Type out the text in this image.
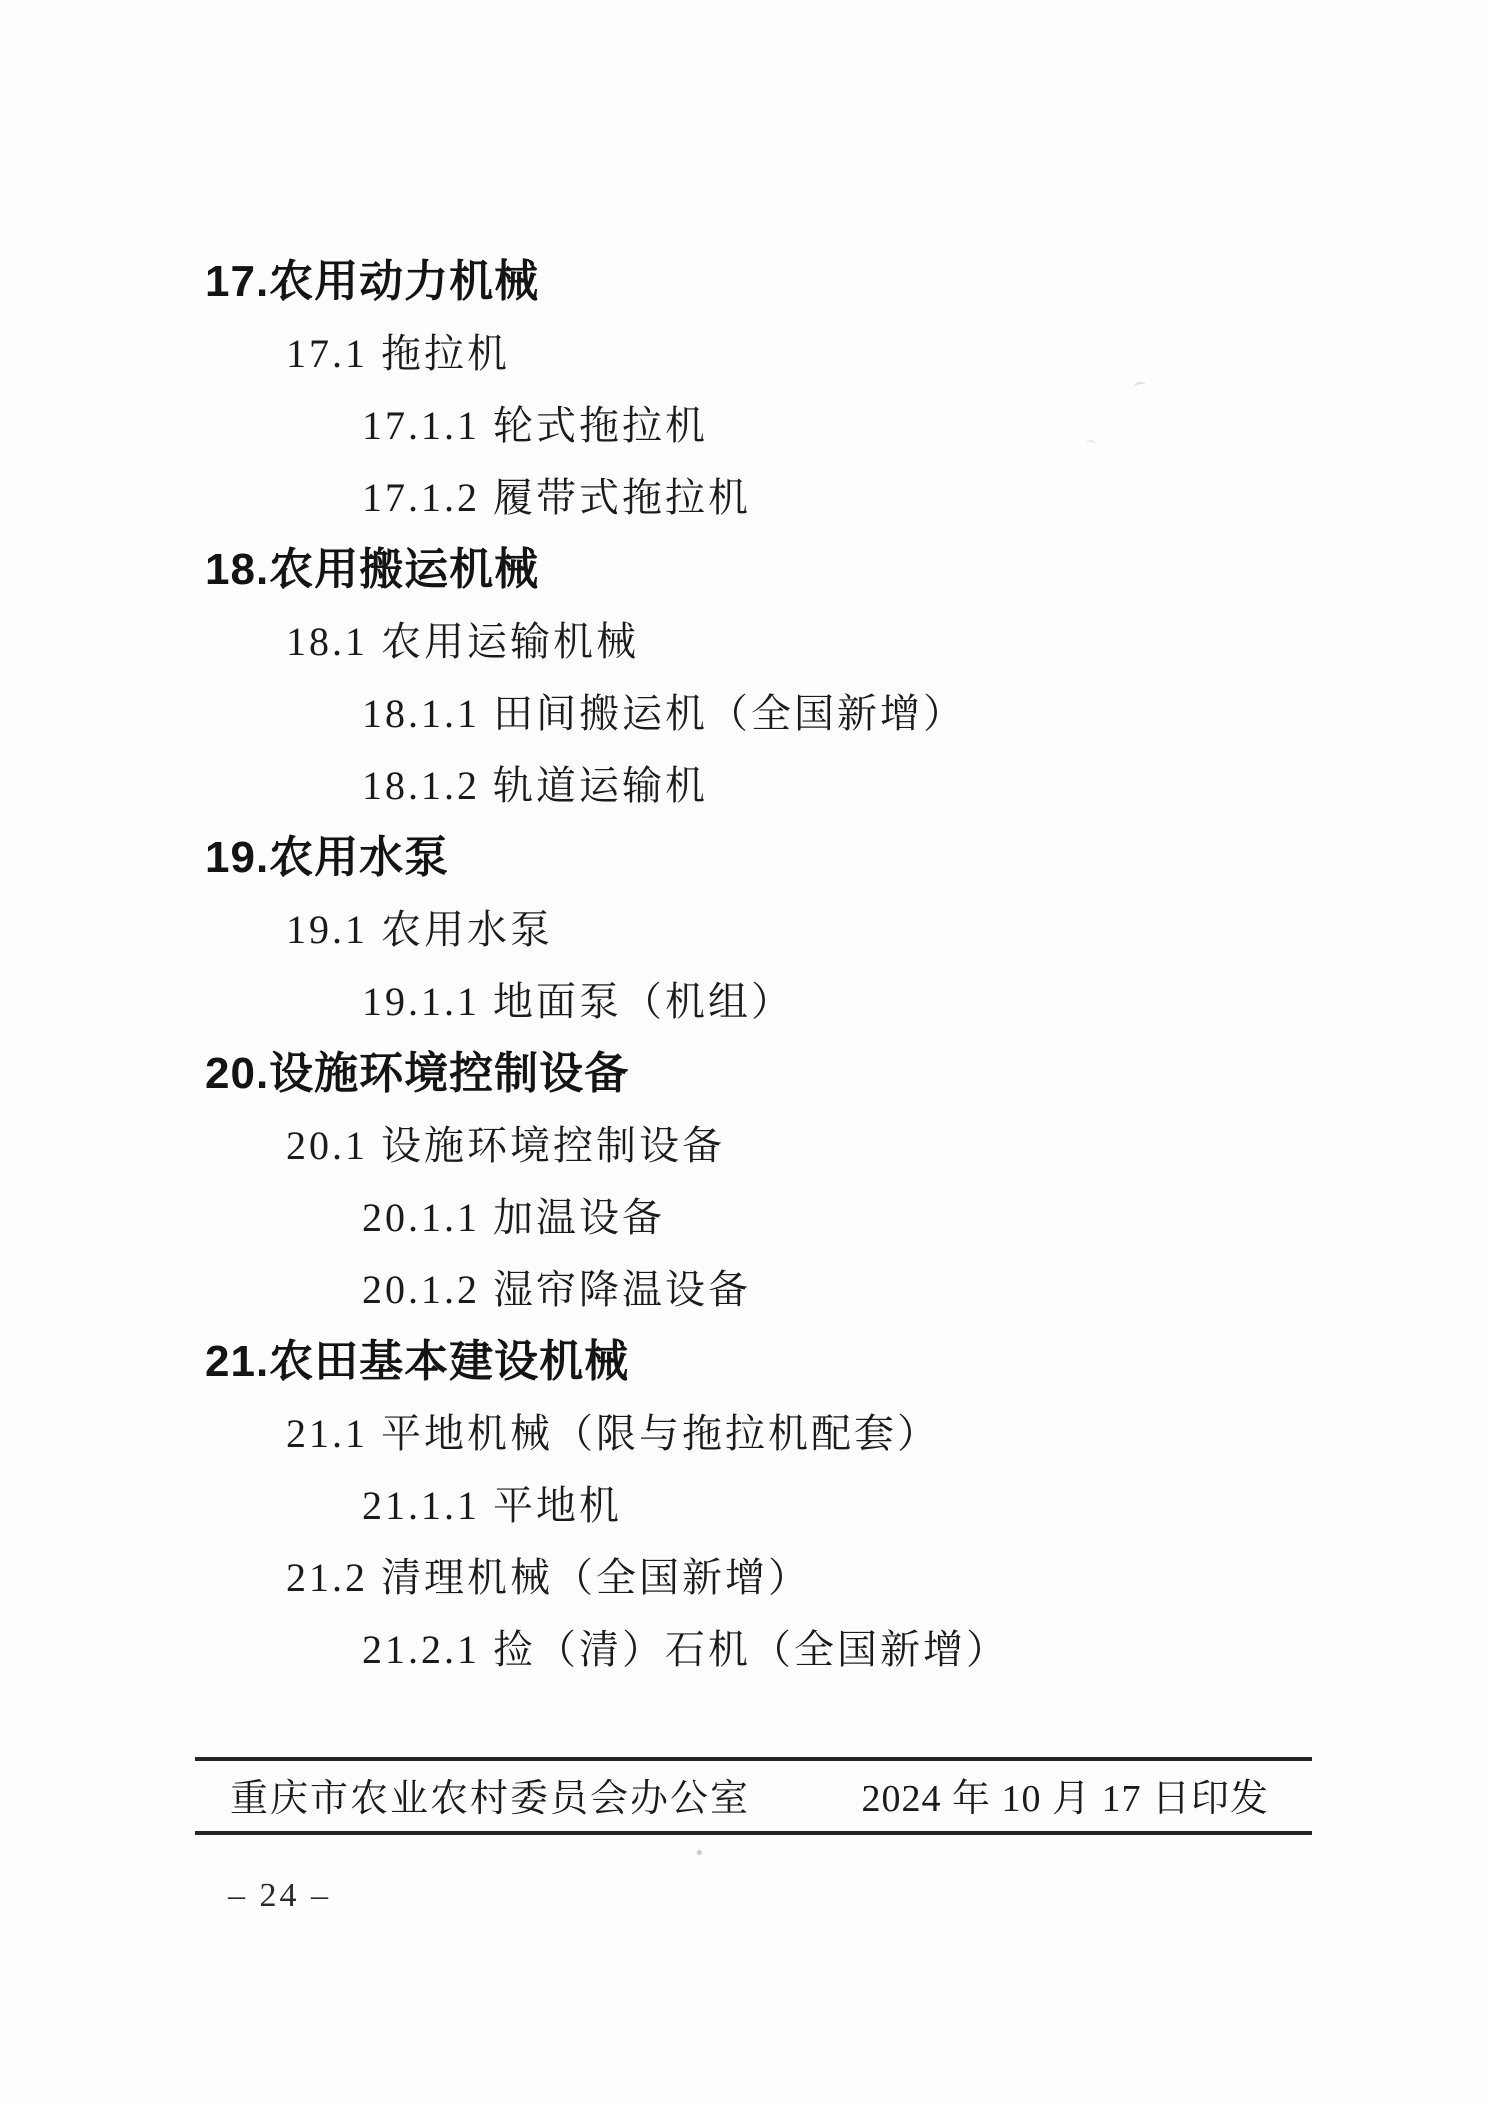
17.农用动力机械
17.1 拖拉机
17.1.1 轮式拖拉机
17.1.2 履带式拖拉机
18.农用搬运机械
18.1 农用运输机械
18.1.1 田间搬运机（全国新增）
18.1.2 轨道运输机
19.农用水泵
19.1 农用水泵
19.1.1 地面泵（机组）
20.设施环境控制设备
20.1 设施环境控制设备
20.1.1 加温设备
20.1.2 湿帘降温设备
21.农田基本建设机械
21.1 平地机械（限与拖拉机配套）
21.1.1 平地机
21.2 清理机械（全国新增）
21.2.1 捡（清）石机（全国新增）
重庆市农业农村委员会办公室	2024 年 10 月 17 日印发
– 24 –
